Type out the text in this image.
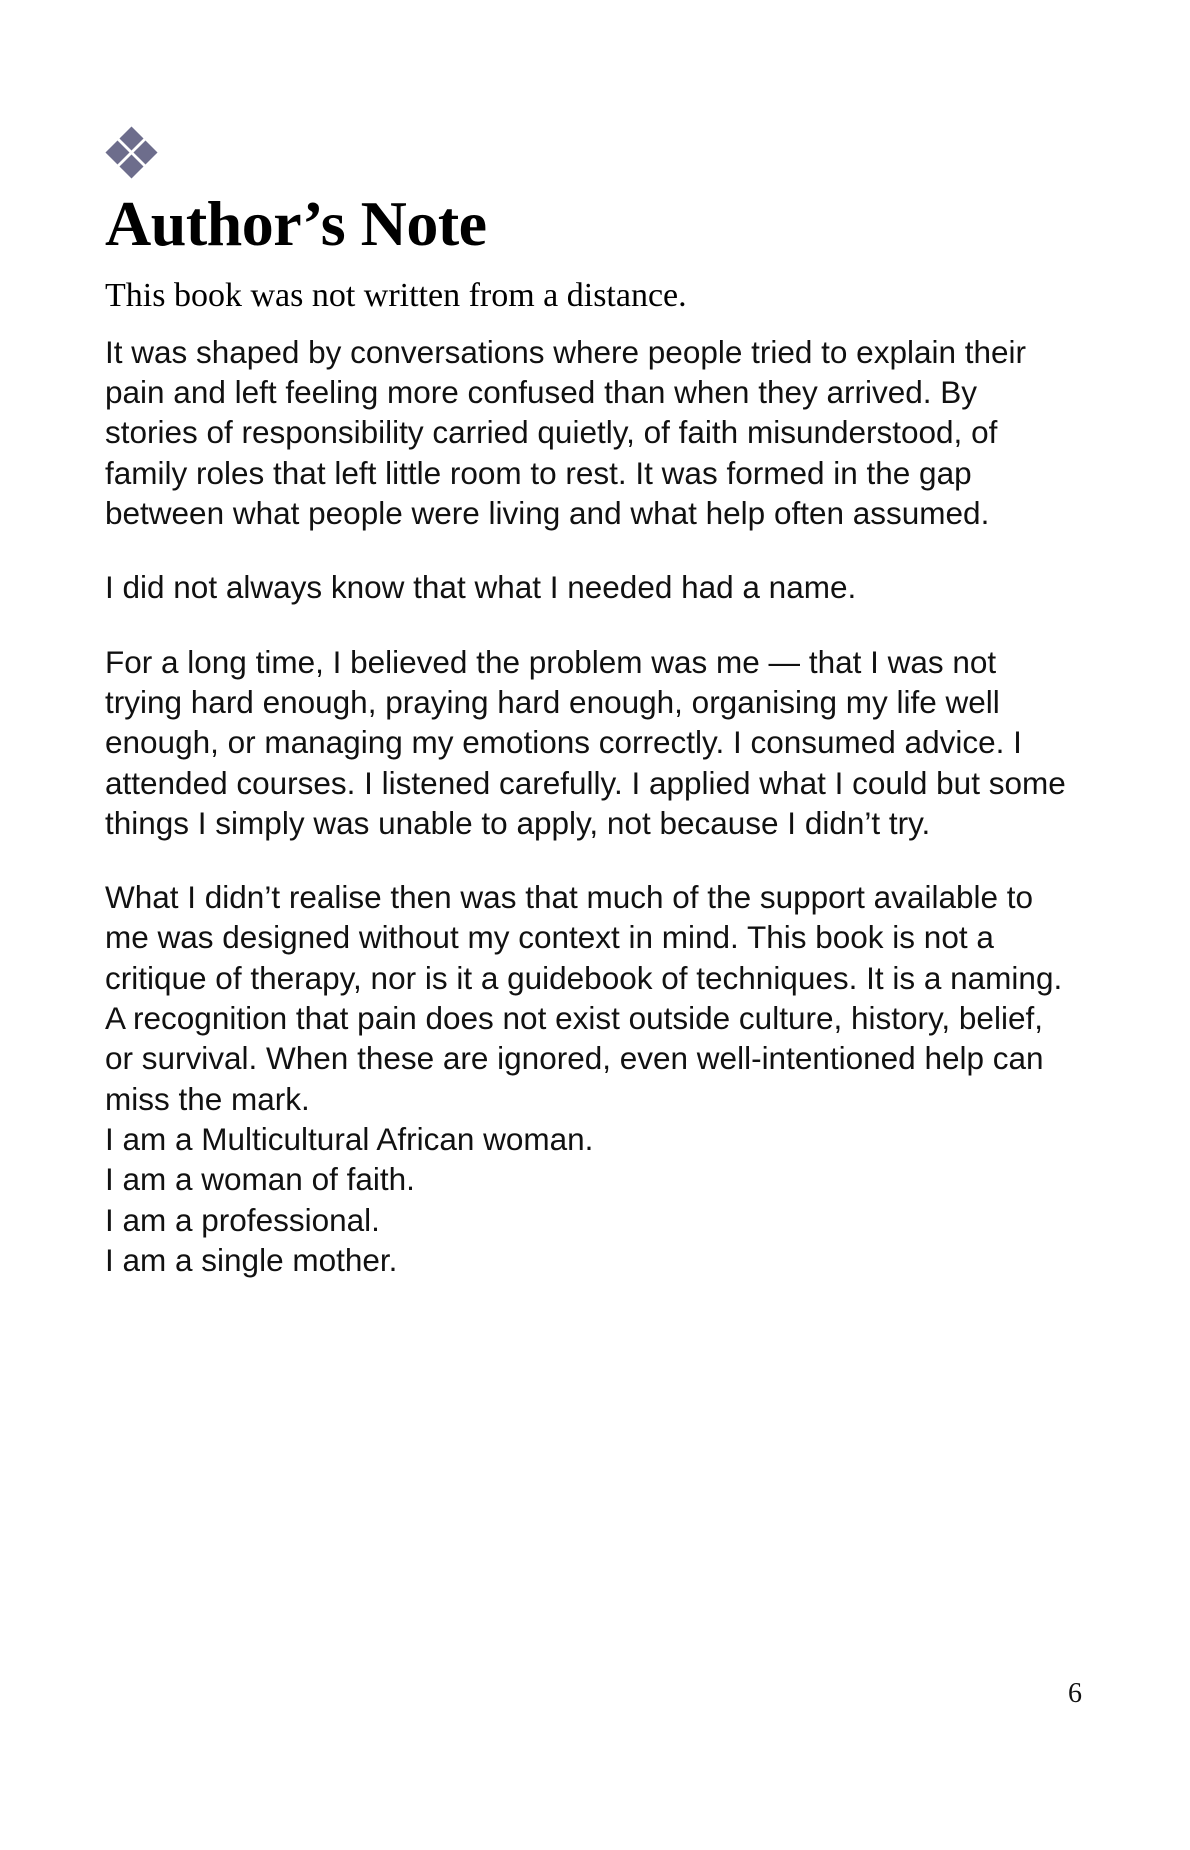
Author’s Note

This book was not written from a distance.

It was shaped by conversations where people tried to explain their pain and left feeling more confused than when they arrived. By stories of responsibility carried quietly, of faith misunderstood, of family roles that left little room to rest. It was formed in the gap between what people were living and what help often assumed.

I did not always know that what I needed had a name.

For a long time, I believed the problem was me — that I was not trying hard enough, praying hard enough, organising my life well enough, or managing my emotions correctly. I consumed advice. I attended courses. I listened carefully. I applied what I could but some things I simply was unable to apply, not because I didn’t try.

What I didn’t realise then was that much of the support available to me was designed without my context in mind. This book is not a critique of therapy, nor is it a guidebook of techniques. It is a naming. A recognition that pain does not exist outside culture, history, belief, or survival. When these are ignored, even well-intentioned help can miss the mark.

I am a Multicultural African woman.
I am a woman of faith.
I am a professional.
I am a single mother.
6
